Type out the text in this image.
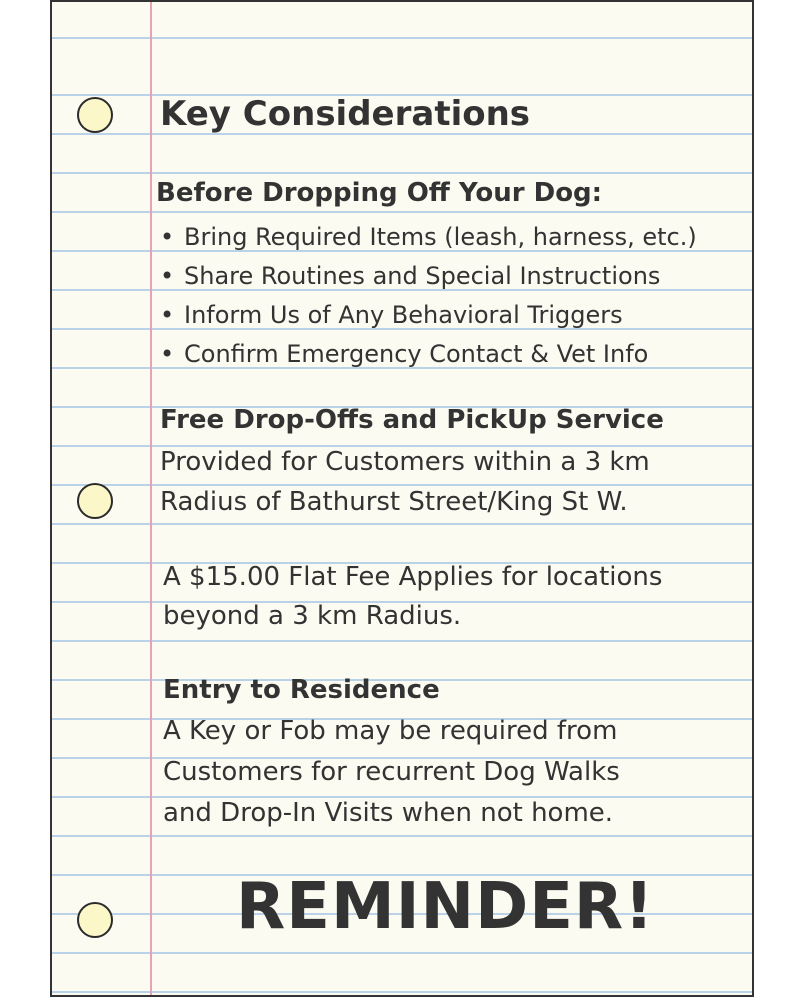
Key Considerations
Before Dropping Off Your Dog:
• Bring Required Items (leash, harness, etc.)
• Share Routines and Special Instructions
• Inform Us of Any Behavioral Triggers
• Confirm Emergency Contact & Vet Info
Free Drop-Offs and PickUp Service
Provided for Customers within a 3 km
Radius of Bathurst Street/King St W.
A $15.00 Flat Fee Applies for locations
beyond a 3 km Radius.
Entry to Residence
A Key or Fob may be required from
Customers for recurrent Dog Walks
and Drop-In Visits when not home.
REMINDER!
